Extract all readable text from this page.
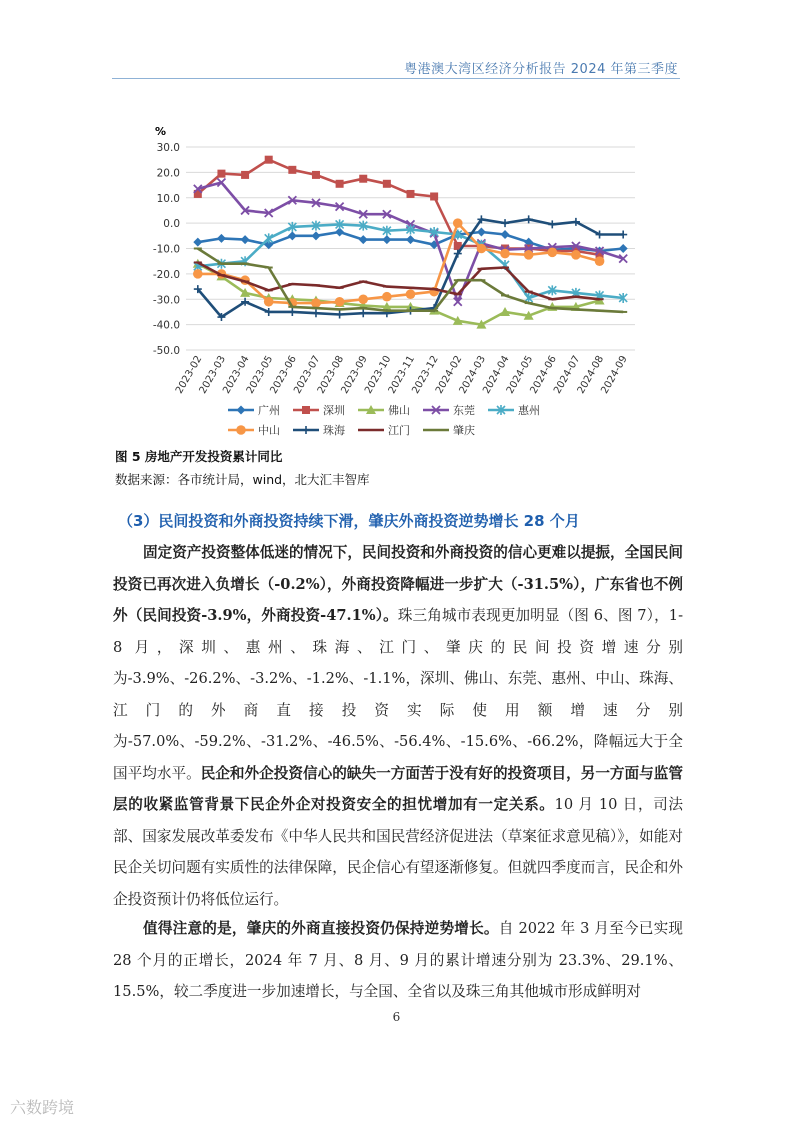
粤港澳大湾区经济分析报告 2024 年第三季度
30.0
20.0
10.0
0.0
-10.0
-20.0
-30.0
-40.0
-50.0
2023-02
2023-03
2023-04
2023-05
2023-06
2023-07
2023-08
2023-09
2023-10
2023-11
2023-12
2024-02
2024-03
2024-04
2024-05
2024-06
2024-07
2024-08
2024-09
广州	深圳	佛山	东莞	惠州
中山	珠海	江门	肇庆
%
图 5 房地产开发投资累计同比
数据来源：各市统计局，wind，北大汇丰智库
（3）民间投资和外商投资持续下滑，肇庆外商投资逆势增长 28 个月
固定资产投资整体低迷的情况下，民间投资和外商投资的信心更难以提振，全国民间投资已再次进入负增长（-0.2%），外商投资降幅进一步扩大（-31.5%），广东省也不例外（民间投资-3.9%，外商投资-47.1%）。珠三角城市表现更加明显（图 6、图 7），1-8 月，深圳、惠州、珠海、江门、肇庆的民间投资增速分别为-3.9%、-26.2%、-3.2%、-1.2%、-1.1%，深圳、佛山、东莞、惠州、中山、珠海、江门的外商直接投资实际使用额增速分别为-57.0%、-59.2%、-31.2%、-46.5%、-56.4%、-15.6%、-66.2%，降幅远大于全国平均水平。民企和外企投资信心的缺失一方面苦于没有好的投资项目，另一方面与监管层的收紧监管背景下民企外企对投资安全的担忧增加有一定关系。10 月 10 日，司法部、国家发展改革委发布《中华人民共和国民营经济促进法（草案征求意见稿）》，如能对民企关切问题有实质性的法律保障，民企信心有望逐渐修复。但就四季度而言，民企和外企投资预计仍将低位运行。
值得注意的是，肇庆的外商直接投资仍保持逆势增长。自 2022 年 3 月至今已实现 28 个月的正增长，2024 年 7 月、8 月、9 月的累计增速分别为 23.3%、29.1%、15.5%，较二季度进一步加速增长，与全国、全省以及珠三角其他城市形成鲜明对
6
六数跨境
